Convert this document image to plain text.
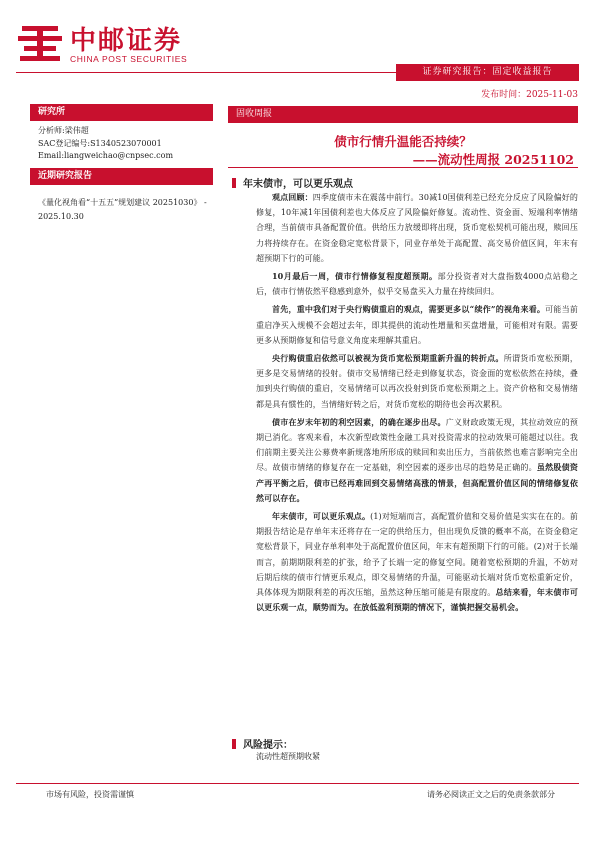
中邮证券
CHINA POST SECURITIES
证券研究报告：固定收益报告
发布时间：2025-11-03
研究所
分析师:梁伟超
SAC登记编号:S1340523070001
Email:liangweichao@cnpsec.com
近期研究报告
《量化视角看“十五五”规划建议 20251030》 - 2025.10.30
固收周报
债市行情升温能否持续？
——流动性周报 20251102
年末债市，可以更乐观点

观点回顾：四季度债市未在震荡中前行。30减10国债利差已经充分反应了风险偏好的修复，10年减1年国债利差也大体反应了风险偏好修复。流动性、资金面、短端利率情绪合理，当前债市具备配置价值。供给压力放缓即将出现，货币宽松契机可能出现，赎回压力将持续存在。在资金稳定宽松背景下，同业存单处于高配置、高交易价值区间，年末有超预期下行的可能。

10月最后一周，债市行情修复程度超预期。部分投资者对大盘指数4000点站稳之后，债市行情依然平稳感到意外，似乎交易盘买入力量在持续回归。

首先，重中我们对于央行购债重启的观点，需要更多以“续作”的视角来看。可能当前重启净买入规模不会超过去年，即其提供的流动性增量和买盘增量，可能相对有限。需要更多从预期修复和信号意义角度来理解其重启。

央行购债重启依然可以被视为货币宽松预期重新升温的转折点。所谓货币宽松预期，更多是交易情绪的投射。债市交易情绪已经走到修复状态，资金面的宽松依然在持续，叠加到央行购债的重启，交易情绪可以再次投射到货币宽松预期之上。资产价格和交易情绪都是具有惯性的，当情绪好转之后，对货币宽松的期待也会再次累积。

债市在岁末年初的利空因素，的确在逐步出尽。广义财政政策无现，其拉动效应的预期已消化。客观来看，本次新型政策性金融工具对投资需求的拉动效果可能超过以往。我们前期主要关注公募费率新规落地所形成的赎回和卖出压力，当前依然也难言影响完全出尽。故债市情绪的修复存在一定基础，利空因素的逐步出尽的趋势是正确的。虽然股债资产再平衡之后，债市已经再难回到交易情绪高涨的情景，但高配置价值区间的情绪修复依然可以存在。

年末债市，可以更乐观点。(1)对短端而言，高配置价值和交易价值是实实在在的。前期报告结论是存单年末还将存在一定的供给压力，但出现负反馈的概率不高，在资金稳定宽松背景下，同业存单利率处于高配置价值区间，年末有超预期下行的可能。(2)对于长端而言，前期期限利差的扩张，给予了长端一定的修复空间。随着宽松预期的升温，不妨对后期后续的债市行情更乐观点，即交易情绪的升温，可能驱动长端对货币宽松重新定价，具体体现为期限利差的再次压缩，虽然这种压缩可能是有限度的。总结来看，年末债市可以更乐观一点，顺势而为。在放低盈利预期的情况下，谨慎把握交易机会。

风险提示：
流动性超预期收紧
市场有风险，投资需谨慎	请务必阅读正文之后的免责条款部分
